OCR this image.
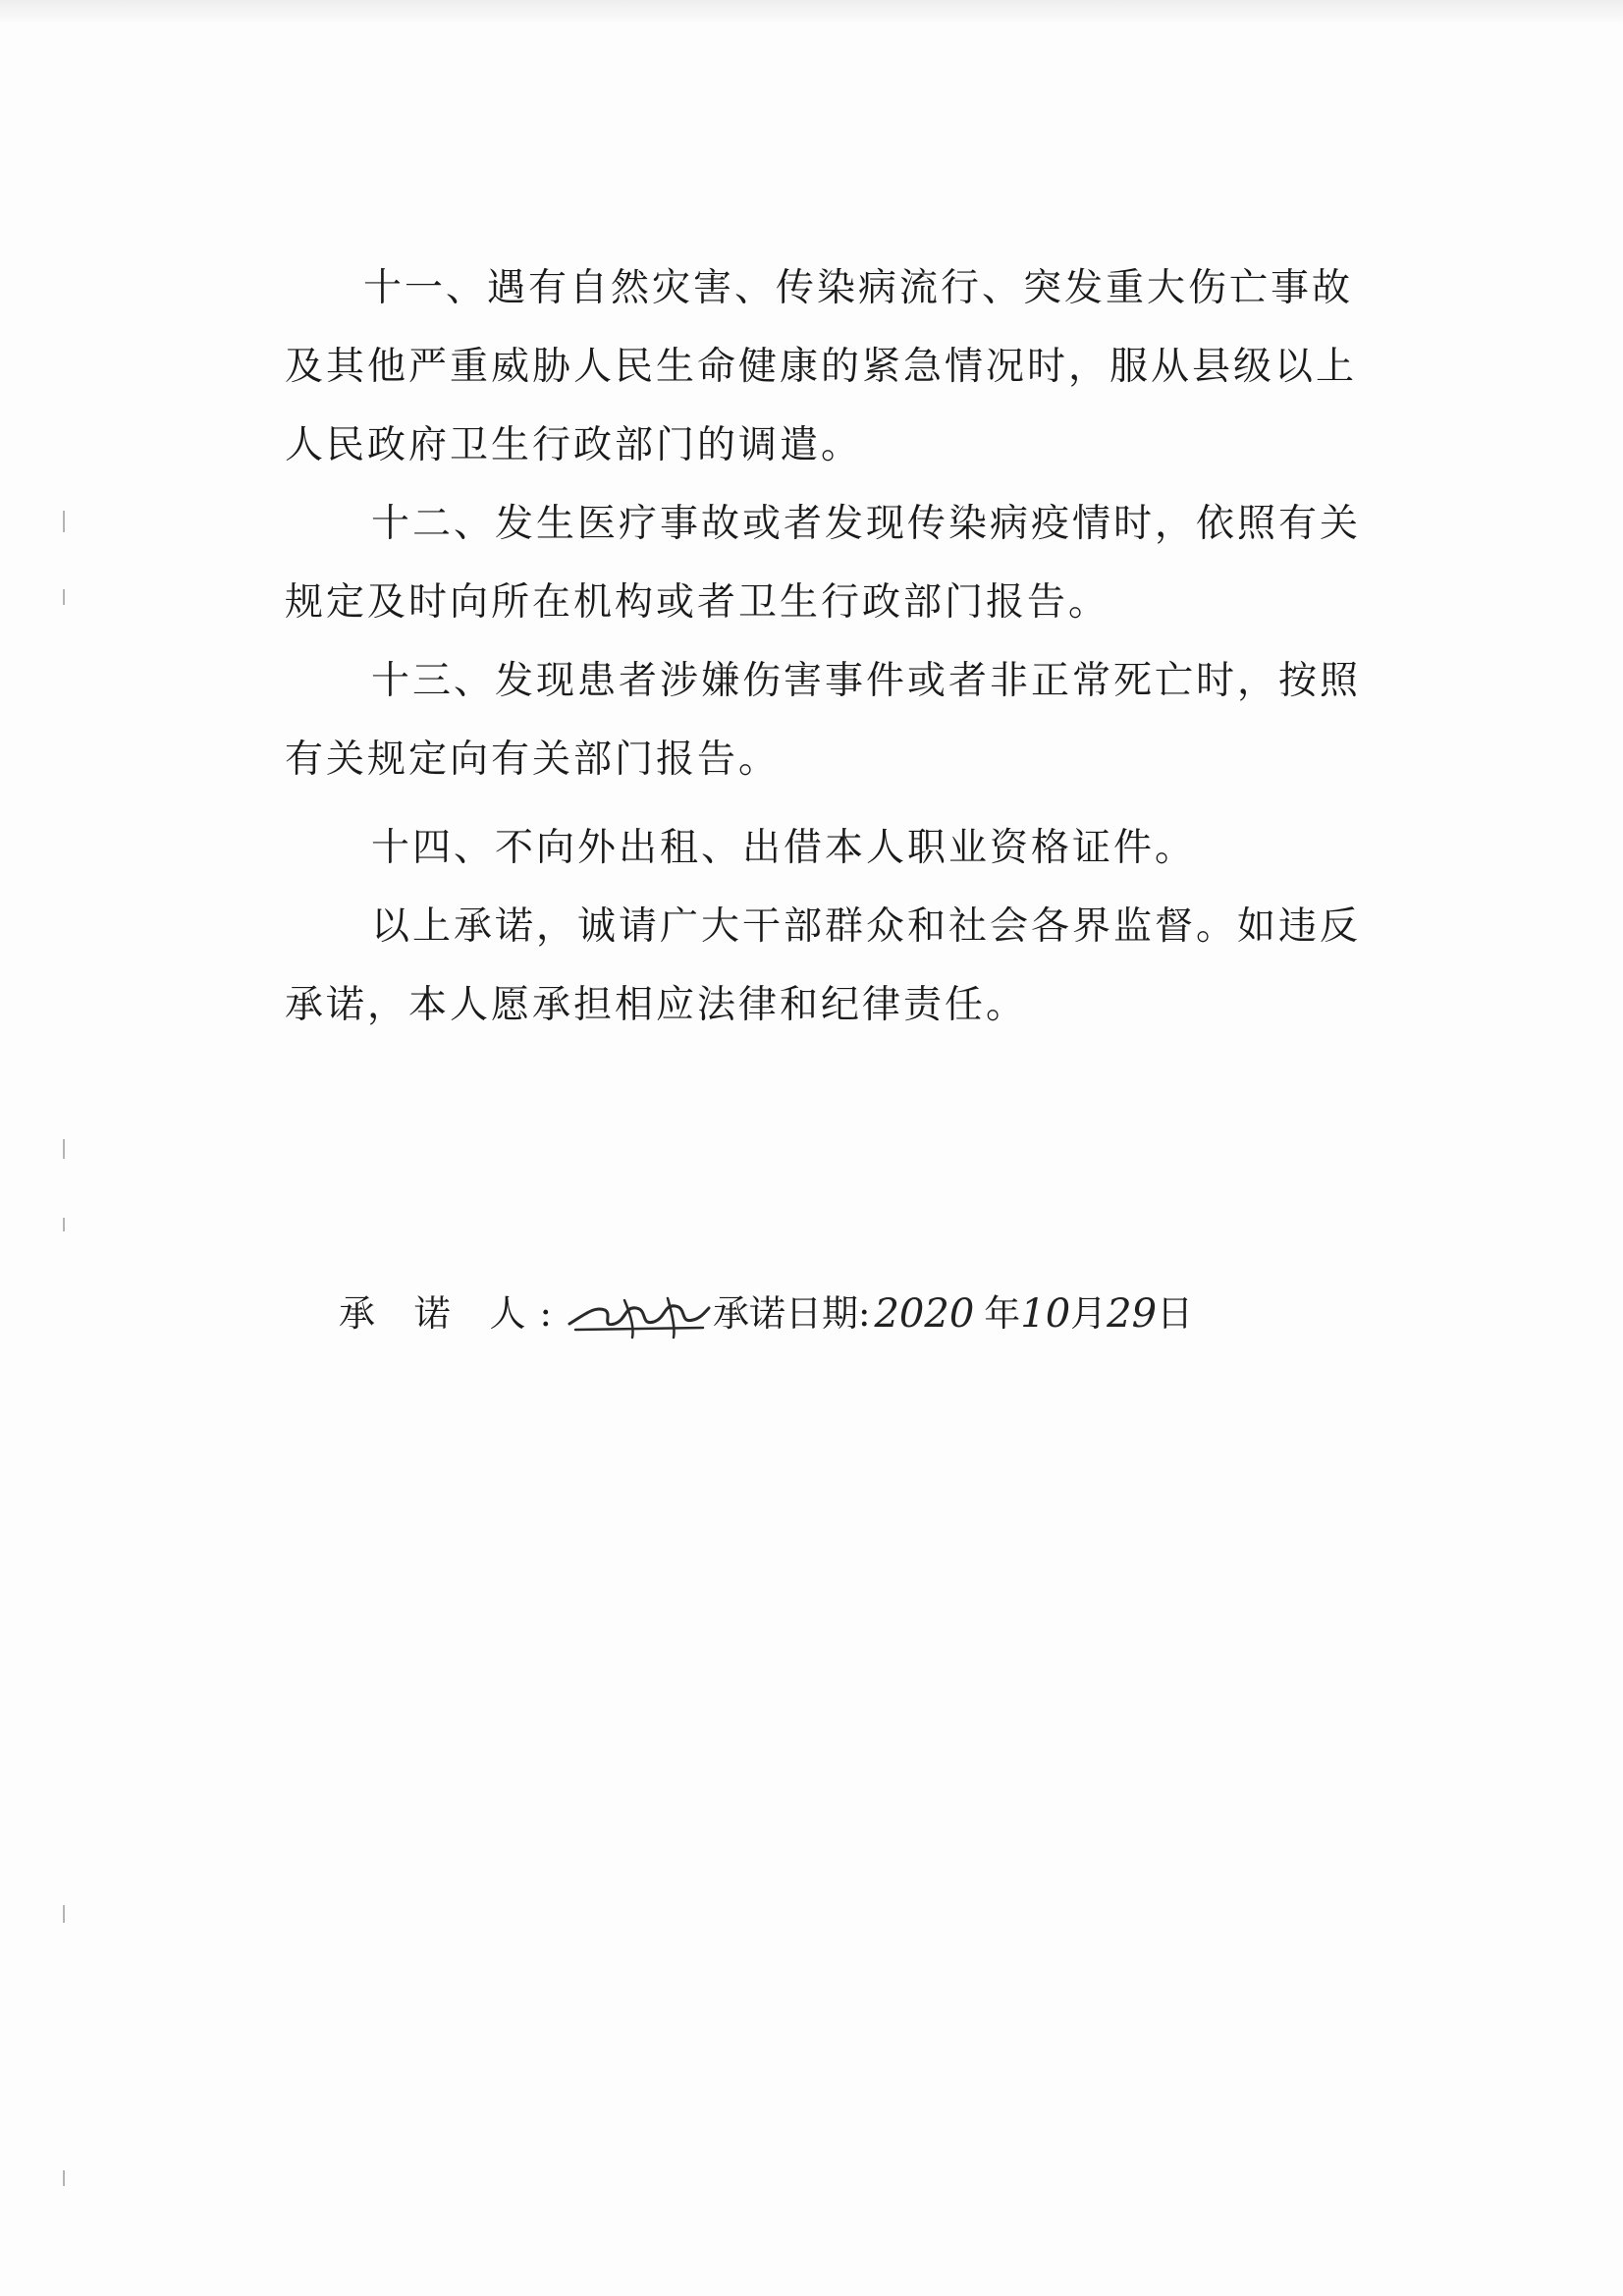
十一、遇有自然灾害、传染病流行、突发重大伤亡事故
及其他严重威胁人民生命健康的紧急情况时，服从县级以上
人民政府卫生行政部门的调遣。
十二、发生医疗事故或者发现传染病疫情时，依照有关
规定及时向所在机构或者卫生行政部门报告。
十三、发现患者涉嫌伤害事件或者非正常死亡时，按照
有关规定向有关部门报告。
十四、不向外出租、出借本人职业资格证件。
以上承诺，诚请广大干部群众和社会各界监督。如违反
承诺，本人愿承担相应法律和纪律责任。
承 诺 人:	承诺日期: 2020 年 10 月 29 日
